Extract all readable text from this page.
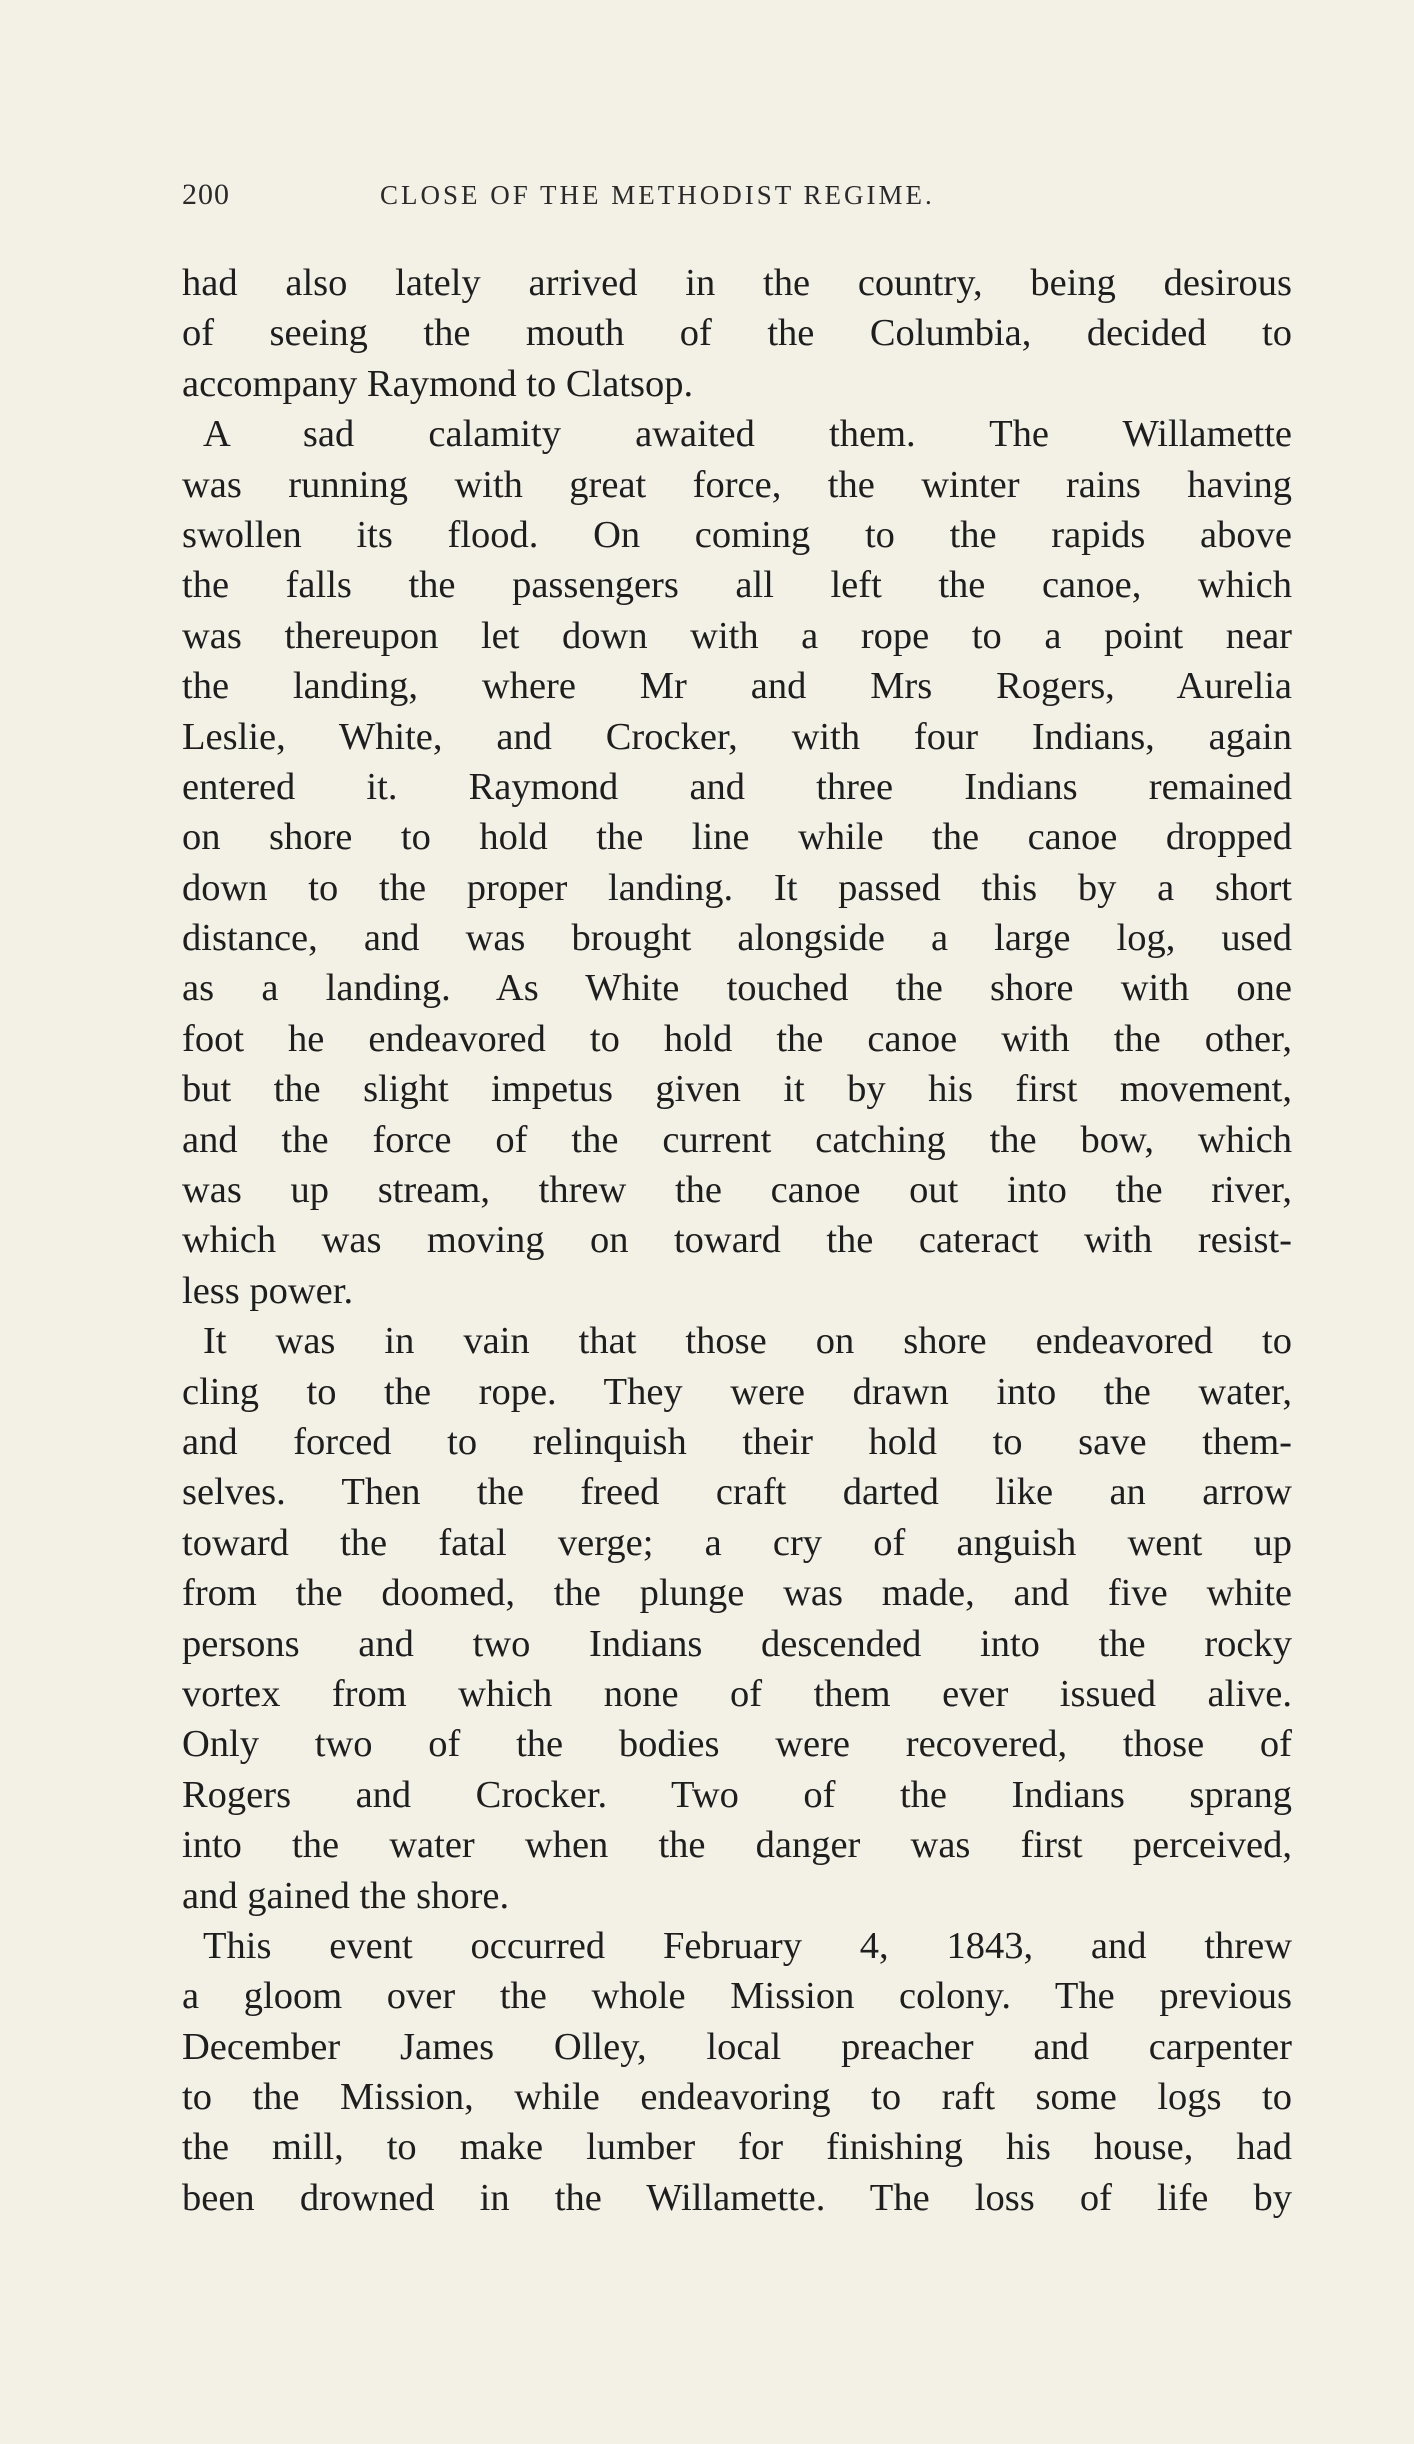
200	CLOSE OF THE METHODIST REGIME.
had also lately arrived in the country, being desirous
of seeing the mouth of the Columbia, decided to
accompany Raymond to Clatsop.
A sad calamity awaited them. The Willamette
was running with great force, the winter rains having
swollen its flood. On coming to the rapids above
the falls the passengers all left the canoe, which
was thereupon let down with a rope to a point near
the landing, where Mr and Mrs Rogers, Aurelia
Leslie, White, and Crocker, with four Indians, again
entered it. Raymond and three Indians remained
on shore to hold the line while the canoe dropped
down to the proper landing. It passed this by a short
distance, and was brought alongside a large log, used
as a landing. As White touched the shore with one
foot he endeavored to hold the canoe with the other,
but the slight impetus given it by his first movement,
and the force of the current catching the bow, which
was up stream, threw the canoe out into the river,
which was moving on toward the cateract with resist-
less power.
It was in vain that those on shore endeavored to
cling to the rope. They were drawn into the water,
and forced to relinquish their hold to save them-
selves. Then the freed craft darted like an arrow
toward the fatal verge; a cry of anguish went up
from the doomed, the plunge was made, and five white
persons and two Indians descended into the rocky
vortex from which none of them ever issued alive.
Only two of the bodies were recovered, those of
Rogers and Crocker. Two of the Indians sprang
into the water when the danger was first perceived,
and gained the shore.
This event occurred February 4, 1843, and threw
a gloom over the whole Mission colony. The previous
December James Olley, local preacher and carpenter
to the Mission, while endeavoring to raft some logs to
the mill, to make lumber for finishing his house, had
been drowned in the Willamette. The loss of life by
